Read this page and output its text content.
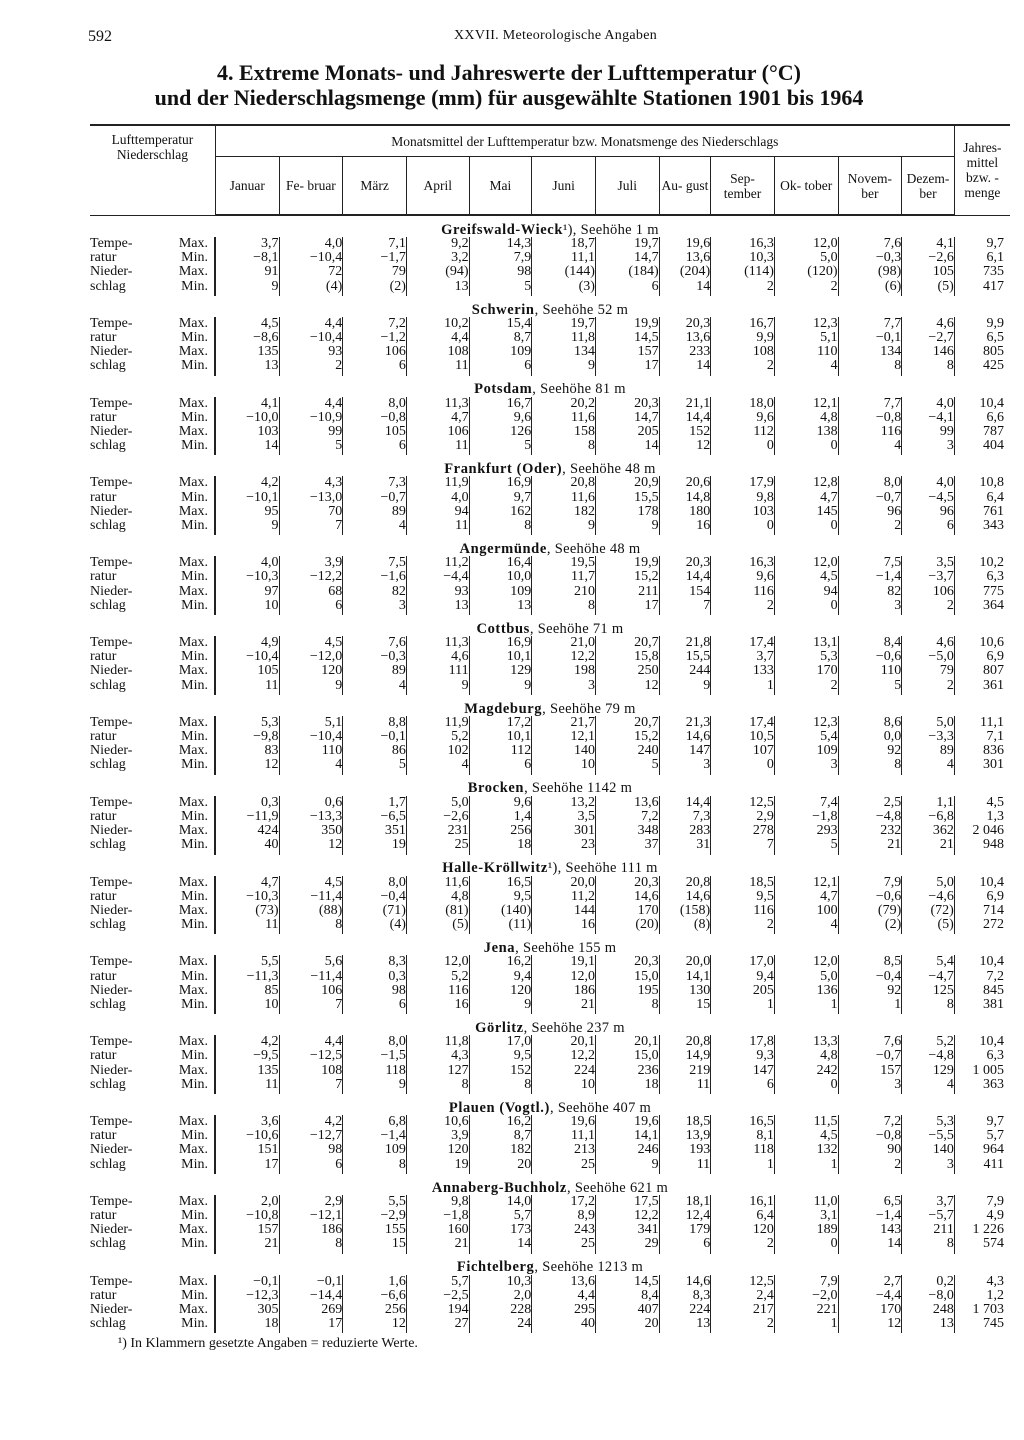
592	XXVII. Meteorologische Angaben
4. Extreme Monats- und Jahreswerte der Lufttemperatur (°C)
und der Niederschlagsmenge (mm) für ausgewählte Stationen 1901 bis 1964
Lufttemperatur Niederschlag	Monatsmittel der Lufttemperatur bzw. Monatsmenge des Niederschlags												Jahres- mittel bzw. -menge
	Januar	Fe- bruar	März	April	Mai	Juni	Juli	Au- gust	Sep- tember	Ok- tober	Novem- ber	Dezem- ber	
Greifswald-Wieck¹), Seehöhe 1 m													
Tempe- Max.	3,7	4,0	7,1	9,2	14,3	18,7	19,7	19,6	16,3	12,0	7,6	4,1	9,7
ratur Min.	−8,1	−10,4	−1,7	3,2	7,9	11,1	14,7	13,6	10,3	5,0	−0,3	−2,6	6,1
Nieder- Max.	91	72	79	(94)	98	(144)	(184)	(204)	(114)	(120)	(98)	105	735
schlag Min.	9	(4)	(2)	13	5	(3)	6	14	2	2	(6)	(5)	417
Schwerin, Seehöhe 52 m													
Tempe- Max.	4,5	4,4	7,2	10,2	15,4	19,7	19,9	20,3	16,7	12,3	7,7	4,6	9,9
ratur Min.	−8,6	−10,4	−1,2	4,4	8,7	11,8	14,5	13,6	9,9	5,1	−0,1	−2,7	6,5
Nieder- Max.	135	93	106	108	109	134	157	233	108	110	134	146	805
schlag Min.	13	2	6	11	6	9	17	14	2	4	8	8	425
Potsdam, Seehöhe 81 m													
Tempe- Max.	4,1	4,4	8,0	11,3	16,7	20,2	20,3	21,1	18,0	12,1	7,7	4,0	10,4
ratur Min.	−10,0	−10,9	−0,8	4,7	9,6	11,6	14,7	14,4	9,6	4,8	−0,8	−4,1	6,6
Nieder- Max.	103	99	105	106	126	158	205	152	112	138	116	99	787
schlag Min.	14	5	6	11	5	8	14	12	0	0	4	3	404
Frankfurt (Oder), Seehöhe 48 m													
Tempe- Max.	4,2	4,3	7,3	11,9	16,9	20,8	20,9	20,6	17,9	12,8	8,0	4,0	10,8
ratur Min.	−10,1	−13,0	−0,7	4,0	9,7	11,6	15,5	14,8	9,8	4,7	−0,7	−4,5	6,4
Nieder- Max.	95	70	89	94	162	182	178	180	103	145	96	96	761
schlag Min.	9	7	4	11	8	9	9	16	0	0	2	6	343
Angermünde, Seehöhe 48 m													
Tempe- Max.	4,0	3,9	7,5	11,2	16,4	19,5	19,9	20,3	16,3	12,0	7,5	3,5	10,2
ratur Min.	−10,3	−12,2	−1,6	−4,4	10,0	11,7	15,2	14,4	9,6	4,5	−1,4	−3,7	6,3
Nieder- Max.	97	68	82	93	109	210	211	154	116	94	82	106	775
schlag Min.	10	6	3	13	13	8	17	7	2	0	3	2	364
Cottbus, Seehöhe 71 m													
Tempe- Max.	4,9	4,5	7,6	11,3	16,9	21,0	20,7	21,8	17,4	13,1	8,4	4,6	10,6
ratur Min.	−10,4	−12,0	−0,3	4,6	10,1	12,2	15,8	15,5	3,7	5,3	−0,6	−5,0	6,9
Nieder- Max.	105	120	89	111	129	198	250	244	133	170	110	79	807
schlag Min.	11	9	4	9	9	3	12	9	1	2	5	2	361
Magdeburg, Seehöhe 79 m													
Tempe- Max.	5,3	5,1	8,8	11,9	17,2	21,7	20,7	21,3	17,4	12,3	8,6	5,0	11,1
ratur Min.	−9,8	−10,4	−0,1	5,2	10,1	12,1	15,2	14,6	10,5	5,4	0,0	−3,3	7,1
Nieder- Max.	83	110	86	102	112	140	240	147	107	109	92	89	836
schlag Min.	12	4	5	4	6	10	5	3	0	3	8	4	301
Brocken, Seehöhe 1142 m													
Tempe- Max.	0,3	0,6	1,7	5,0	9,6	13,2	13,6	14,4	12,5	7,4	2,5	1,1	4,5
ratur Min.	−11,9	−13,3	−6,5	−2,6	1,4	3,5	7,2	7,3	2,9	−1,8	−4,8	−6,8	1,3
Nieder- Max.	424	350	351	231	256	301	348	283	278	293	232	362	2 046
schlag Min.	40	12	19	25	18	23	37	31	7	5	21	21	948
Halle-Kröllwitz¹), Seehöhe 111 m													
Tempe- Max.	4,7	4,5	8,0	11,6	16,5	20,0	20,3	20,8	18,5	12,1	7,9	5,0	10,4
ratur Min.	−10,3	−11,4	−0,4	4,8	9,5	11,2	14,6	14,6	9,5	4,7	−0,6	−4,6	6,9
Nieder- Max.	(73)	(88)	(71)	(81)	(140)	144	170	(158)	116	100	(79)	(72)	714
schlag Min.	11	8	(4)	(5)	(11)	16	(20)	(8)	2	4	(2)	(5)	272
Jena, Seehöhe 155 m													
Tempe- Max.	5,5	5,6	8,3	12,0	16,2	19,1	20,3	20,0	17,0	12,0	8,5	5,4	10,4
ratur Min.	−11,3	−11,4	0,3	5,2	9,4	12,0	15,0	14,1	9,4	5,0	−0,4	−4,7	7,2
Nieder- Max.	85	106	98	116	120	186	195	130	205	136	92	125	845
schlag Min.	10	7	6	16	9	21	8	15	1	1	1	8	381
Görlitz, Seehöhe 237 m													
Tempe- Max.	4,2	4,4	8,0	11,8	17,0	20,1	20,1	20,8	17,8	13,3	7,6	5,2	10,4
ratur Min.	−9,5	−12,5	−1,5	4,3	9,5	12,2	15,0	14,9	9,3	4,8	−0,7	−4,8	6,3
Nieder- Max.	135	108	118	127	152	224	236	219	147	242	157	129	1 005
schlag Min.	11	7	9	8	8	10	18	11	6	0	3	4	363
Plauen (Vogtl.), Seehöhe 407 m													
Tempe- Max.	3,6	4,2	6,8	10,6	16,2	19,6	19,6	18,5	16,5	11,5	7,2	5,3	9,7
ratur Min.	−10,6	−12,7	−1,4	3,9	8,7	11,1	14,1	13,9	8,1	4,5	−0,8	−5,5	5,7
Nieder- Max.	151	98	109	120	182	213	246	193	118	132	90	140	964
schlag Min.	17	6	8	19	20	25	9	11	1	1	2	3	411
Annaberg-Buchholz, Seehöhe 621 m													
Tempe- Max.	2,0	2,9	5,5	9,8	14,0	17,2	17,5	18,1	16,1	11,0	6,5	3,7	7,9
ratur Min.	−10,8	−12,1	−2,9	−1,8	5,7	8,9	12,2	12,4	6,4	3,1	−1,4	−5,7	4,9
Nieder- Max.	157	186	155	160	173	243	341	179	120	189	143	211	1 226
schlag Min.	21	8	15	21	14	25	29	6	2	0	14	8	574
Fichtelberg, Seehöhe 1213 m													
Tempe- Max.	−0,1	−0,1	1,6	5,7	10,3	13,6	14,5	14,6	12,5	7,9	2,7	0,2	4,3
ratur Min.	−12,3	−14,4	−6,6	−2,5	2,0	4,4	8,4	8,3	2,4	−2,0	−4,4	−8,0	1,2
Nieder- Max.	305	269	256	194	228	295	407	224	217	221	170	248	1 703
schlag Min.	18	17	12	27	24	40	20	13	2	1	12	13	745
¹) In Klammern gesetzte Angaben = reduzierte Werte.
